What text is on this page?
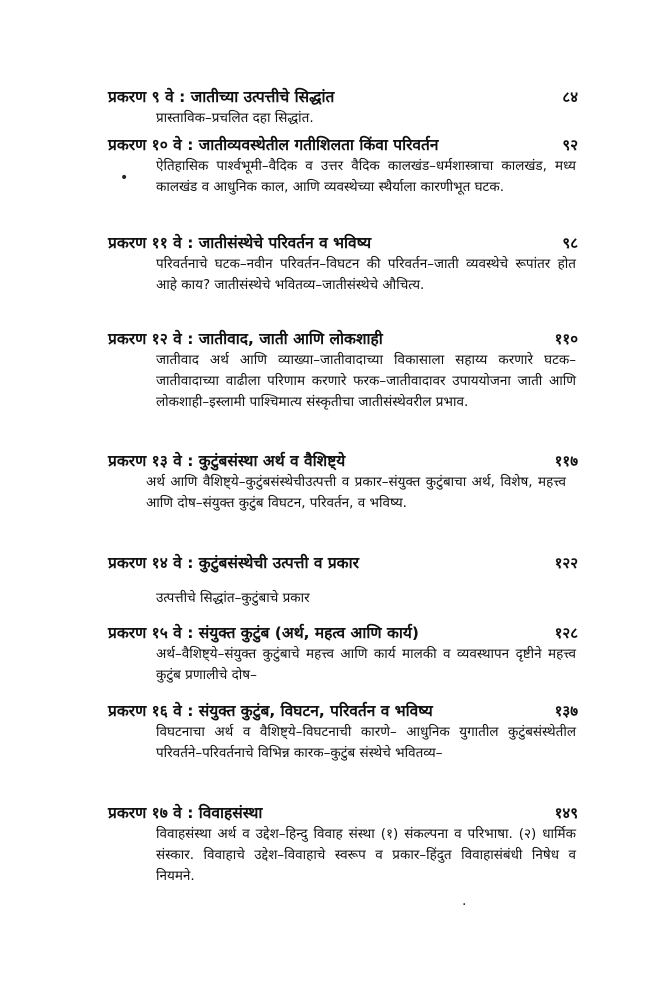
प्रकरण ९ वे : जातीच्या उत्पत्तीचे सिद्धांत	८४
प्रास्ताविक–प्रचलित दहा सिद्धांत.
प्रकरण १० वे : जातीव्यवस्थेतील गतीशिलता किंवा परिवर्तन	९२
ऐतिहासिक पार्श्वभूमी–वैदिक व उत्तर वैदिक कालखंड–धर्मशास्त्राचा कालखंड, मध्य कालखंड व आधुनिक काल, आणि व्यवस्थेच्या स्थैर्याला कारणीभूत घटक.
प्रकरण ११ वे : जातीसंस्थेचे परिवर्तन व भविष्य	९८
परिवर्तनाचे घटक–नवीन परिवर्तन–विघटन की परिवर्तन–जाती व्यवस्थेचे रूपांतर होत आहे काय? जातीसंस्थेचे भवितव्य–जातीसंस्थेचे औचित्य.
प्रकरण १२ वे : जातीवाद, जाती आणि लोकशाही	११०
जातीवाद अर्थ आणि व्याख्या–जातीवादाच्या विकासाला सहाय्य करणारे घटक–जातीवादाच्या वाढीला परिणाम करणारे फरक–जातीवादावर उपाययोजना जाती आणि लोकशाही–इस्लामी पाश्चिमात्य संस्कृतीचा जातीसंस्थेवरील प्रभाव.
प्रकरण १३ वे : कुटुंबसंस्था अर्थ व वैशिष्ट्ये	११७
अर्थ आणि वैशिष्ट्ये–कुटुंबसंस्थेचीउत्पत्ती व प्रकार–संयुक्त कुटुंबाचा अर्थ, विशेष, महत्त्व आणि दोष–संयुक्त कुटुंब विघटन, परिवर्तन, व भविष्य.
प्रकरण १४ वे : कुटुंबसंस्थेची उत्पत्ती व प्रकार	१२२
उत्पत्तीचे सिद्धांत–कुटुंबाचे प्रकार
प्रकरण १५ वे : संयुक्त कुटुंब (अर्थ, महत्व आणि कार्य)	१२८
अर्थ–वैशिष्ट्ये–संयुक्त कुटुंबाचे महत्त्व आणि कार्य मालकी व व्यवस्थापन दृष्टीने महत्त्व कुटुंब प्रणालीचे दोष–
प्रकरण १६ वे : संयुक्त कुटुंब, विघटन, परिवर्तन व भविष्य	१३७
विघटनाचा अर्थ व वैशिष्ट्ये–विघटनाची कारणे– आधुनिक युगातील कुटुंबसंस्थेतील परिवर्तने–परिवर्तनाचे विभिन्न कारक–कुटुंब संस्थेचे भवितव्य–
प्रकरण १७ वे : विवाहसंस्था	१४९
विवाहसंस्था अर्थ व उद्देश–हिन्दु विवाह संस्था (१) संकल्पना व परिभाषा. (२) धार्मिक संस्कार. विवाहाचे उद्देश–विवाहाचे स्वरूप व प्रकार–हिंदुत विवाहासंबंधी निषेध व नियमने.
•
·
